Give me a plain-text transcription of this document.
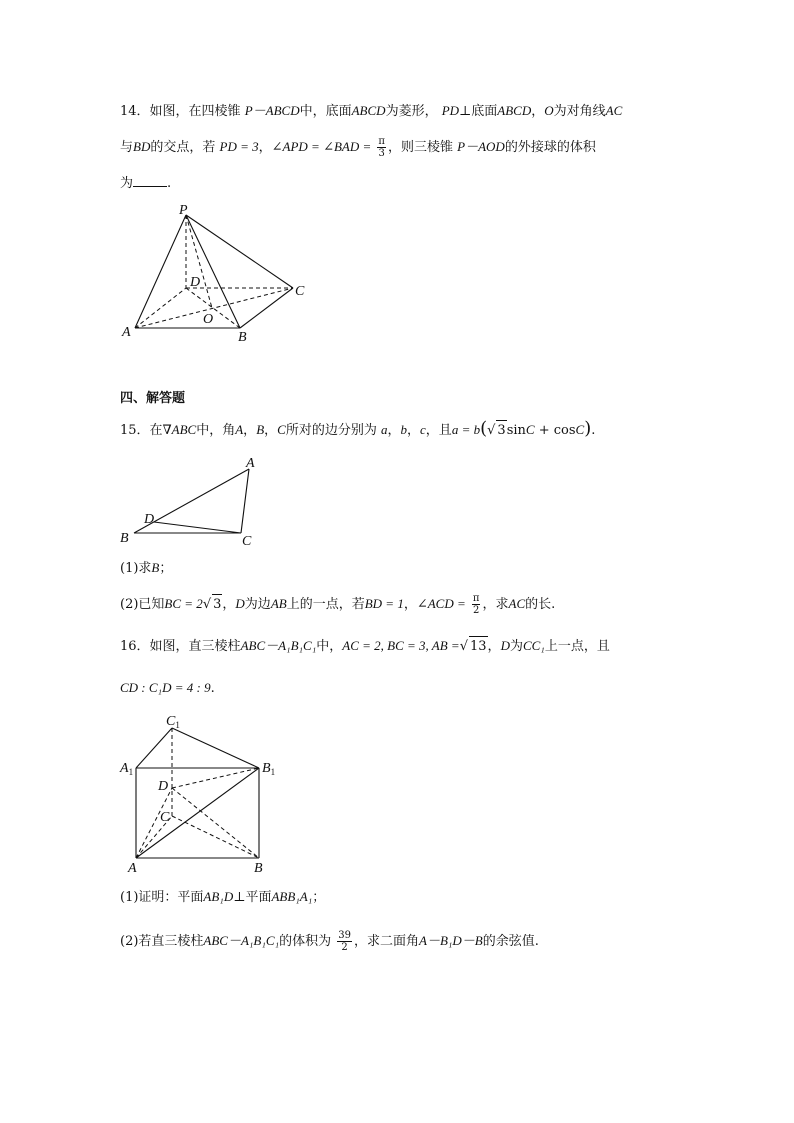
14．如图，在四棱锥 P－ABCD中，底面ABCD为菱形， PD⊥底面ABCD，O为对角线AC
与BD的交点，若 PD = 3，∠APD = ∠BAD = $\frac{\pi}{3}$ ，则三棱锥 P－AOD的外接球的体积
为	.
P
D
C
O
A	B
四、解答题
15．在∇ABC中，角A，B，C所对的边分别为 a，b，c，且a = b(√ 3sinC + cosC).
A
D
B	C
(1)求B；
(2)已知BC = 2√ 3，D为边AB上的一点，若BD = 1，∠ACD = $\frac{\pi}{2}$ ，求AC的长.
16．如图，直三棱柱ABC－A₁B₁C₁中，AC = 2, BC = 3, AB =√ 13，D为CC₁上一点，且
CD : C₁D = 4 : 9.
$C_1$
$A_1$	$B_1$
D
C
A	B
(1)证明：平面AB₁D⊥平面ABB₁A₁；
(2)若直三棱柱ABC－A₁B₁C₁的体积为 $\frac{39}{2}$ ，求二面角A－B₁D－B的余弦值.
